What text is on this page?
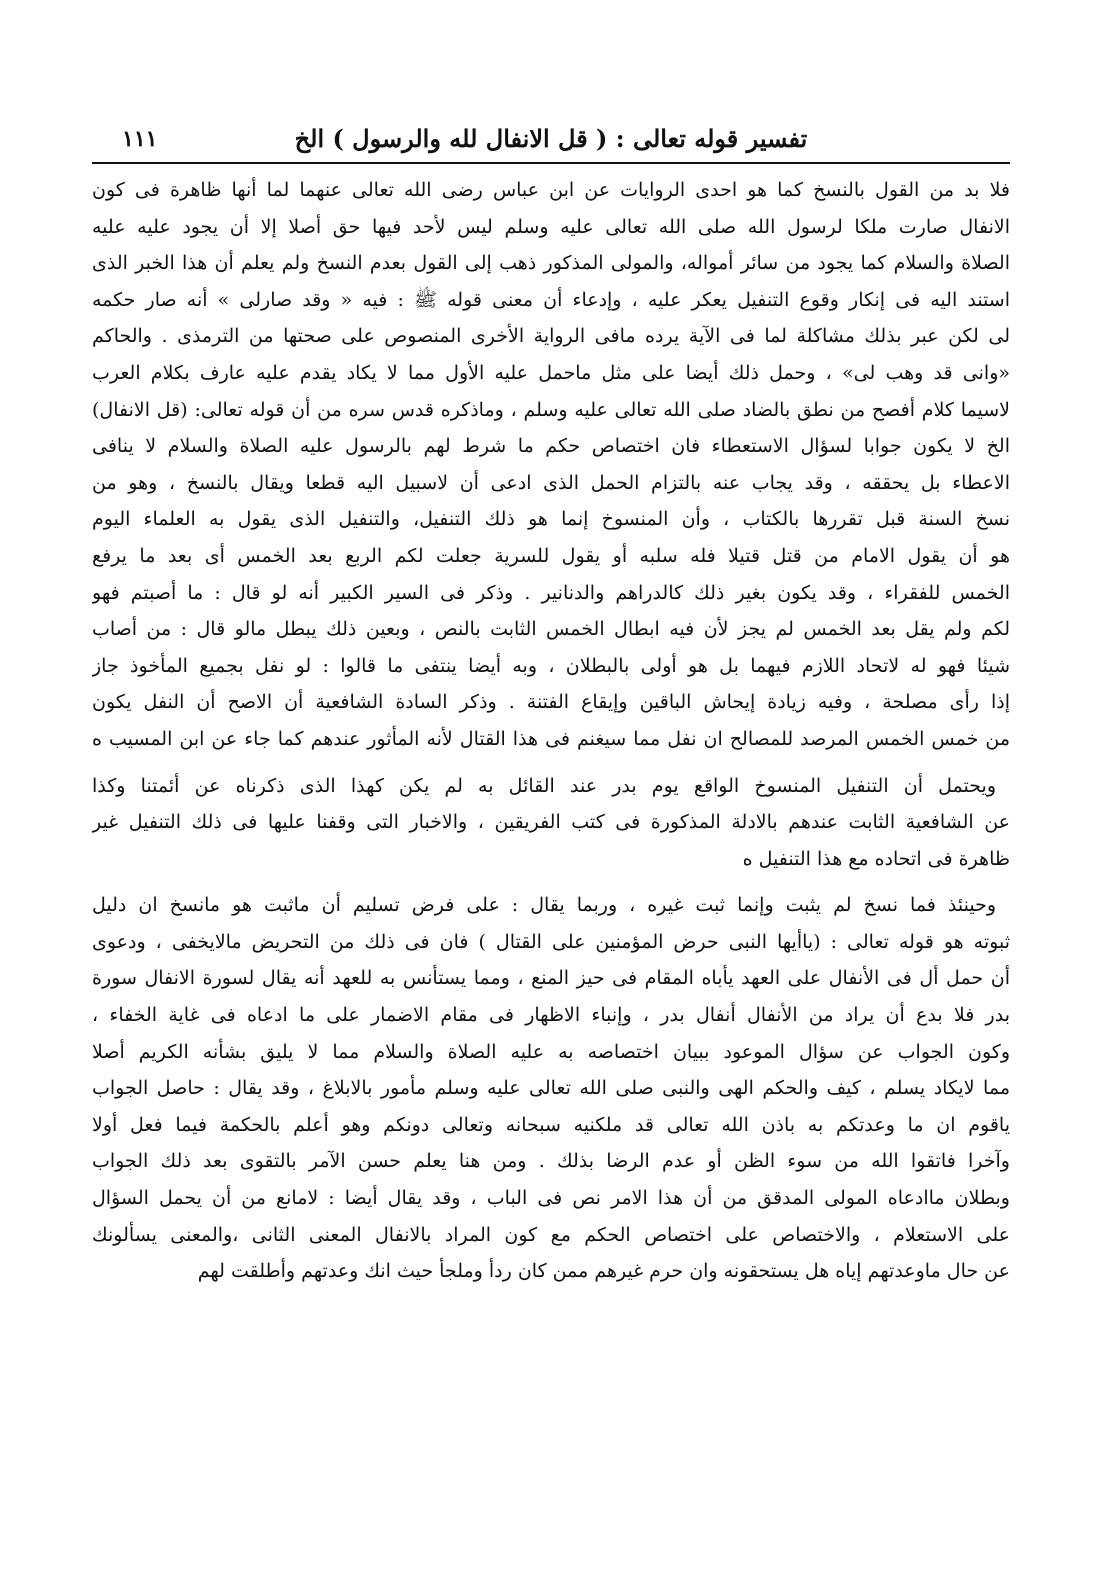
تفسير قوله تعالى : ( قل الانفال لله والرسول ) الخ
١١١
فلا بد من القول بالنسخ كما هو احدى الروايات عن ابن عباس رضى الله تعالى عنهما لما أنها ظاهرة فى كون
الانفال صارت ملكا لرسول الله صلى الله تعالى عليه وسلم ليس لأحد فيها حق أصلا إلا أن يجود عليه عليه
الصلاة والسلام كما يجود من سائر أمواله، والمولى المذكور ذهب إلى القول بعدم النسخ ولم يعلم أن هذا الخبر الذى
استند اليه فى إنكار وقوع التنفيل يعكر عليه ، وإدعاء أن معنى قوله ﷺ : فيه « وقد صارلى » أنه صار حكمه
لى لكن عبر بذلك مشاكلة لما فى الآية يرده مافى الرواية الأخرى المنصوص على صحتها من الترمذى . والحاكم
«وانى قد وهب لى» ، وحمل ذلك أيضا على مثل ماحمل عليه الأول مما لا يكاد يقدم عليه عارف بكلام العرب
لاسيما كلام أفصح من نطق بالضاد صلى الله تعالى عليه وسلم ، وماذكره قدس سره من أن قوله تعالى: (قل الانفال)
الخ لا يكون جوابا لسؤال الاستعطاء فان اختصاص حكم ما شرط لهم بالرسول عليه الصلاة والسلام لا ينافى
الاعطاء بل يحققه ، وقد يجاب عنه بالتزام الحمل الذى ادعى أن لاسبيل اليه قطعا ويقال بالنسخ ، وهو من
نسخ السنة قبل تقررها بالكتاب ، وأن المنسوخ إنما هو ذلك التنفيل، والتنفيل الذى يقول به العلماء اليوم
هو أن يقول الامام من قتل قتيلا فله سلبه أو يقول للسرية جعلت لكم الربع بعد الخمس أى بعد ما يرفع
الخمس للفقراء ، وقد يكون بغير ذلك كالدراهم والدنانير . وذكر فى السير الكبير أنه لو قال : ما أصبتم فهو
لكم ولم يقل بعد الخمس لم يجز لأن فيه ابطال الخمس الثابت بالنص ، وبعين ذلك يبطل مالو قال : من أصاب
شيئا فهو له لاتحاد اللازم فيهما بل هو أولى بالبطلان ، وبه أيضا ينتفى ما قالوا : لو نفل بجميع المأخوذ جاز
إذا رأى مصلحة ، وفيه زيادة إيحاش الباقين وإيقاع الفتنة . وذكر السادة الشافعية أن الاصح أن النفل يكون
من خمس الخمس المرصد للمصالح ان نفل مما سيغنم فى هذا القتال لأنه المأثور عندهم كما جاء عن ابن المسيب ه
ويحتمل أن التنفيل المنسوخ الواقع يوم بدر عند القائل به لم يكن كهذا الذى ذكرناه عن أئمتنا وكذا
عن الشافعية الثابت عندهم بالادلة المذكورة فى كتب الفريقين ، والاخبار التى وقفنا عليها فى ذلك التنفيل غير
ظاهرة فى اتحاده مع هذا التنفيل ه
وحينئذ فما نسخ لم يثبت وإنما ثبت غيره ، وربما يقال : على فرض تسليم أن ماثبت هو مانسخ ان دليل
ثبوته هو قوله تعالى : (ياأيها النبى حرض المؤمنين على القتال ) فان فى ذلك من التحريض مالايخفى ، ودعوى
أن حمل أل فى الأنفال على العهد يأباه المقام فى حيز المنع ، ومما يستأنس به للعهد أنه يقال لسورة الانفال سورة
بدر فلا بدع أن يراد من الأنفال أنفال بدر ، وإنباء الاظهار فى مقام الاضمار على ما ادعاه فى غاية الخفاء ،
وكون الجواب عن سؤال الموعود ببيان اختصاصه به عليه الصلاة والسلام مما لا يليق بشأنه الكريم أصلا
مما لايكاد يسلم ، كيف والحكم الهى والنبى صلى الله تعالى عليه وسلم مأمور بالابلاغ ، وقد يقال : حاصل الجواب
ياقوم ان ما وعدتكم به باذن الله تعالى قد ملكنيه سبحانه وتعالى دونكم وهو أعلم بالحكمة فيما فعل أولا
وآخرا فاتقوا الله من سوء الظن أو عدم الرضا بذلك . ومن هنا يعلم حسن الآمر بالتقوى بعد ذلك الجواب
وبطلان ماادعاه المولى المدقق من أن هذا الامر نص فى الباب ، وقد يقال أيضا : لامانع من أن يحمل السؤال
على الاستعلام ، والاختصاص على اختصاص الحكم مع كون المراد بالانفال المعنى الثانى ،والمعنى يسألونك
عن حال ماوعدتهم إياه هل يستحقونه وان حرم غيرهم ممن كان ردأ وملجأ حيث انك وعدتهم وأطلقت لهم
